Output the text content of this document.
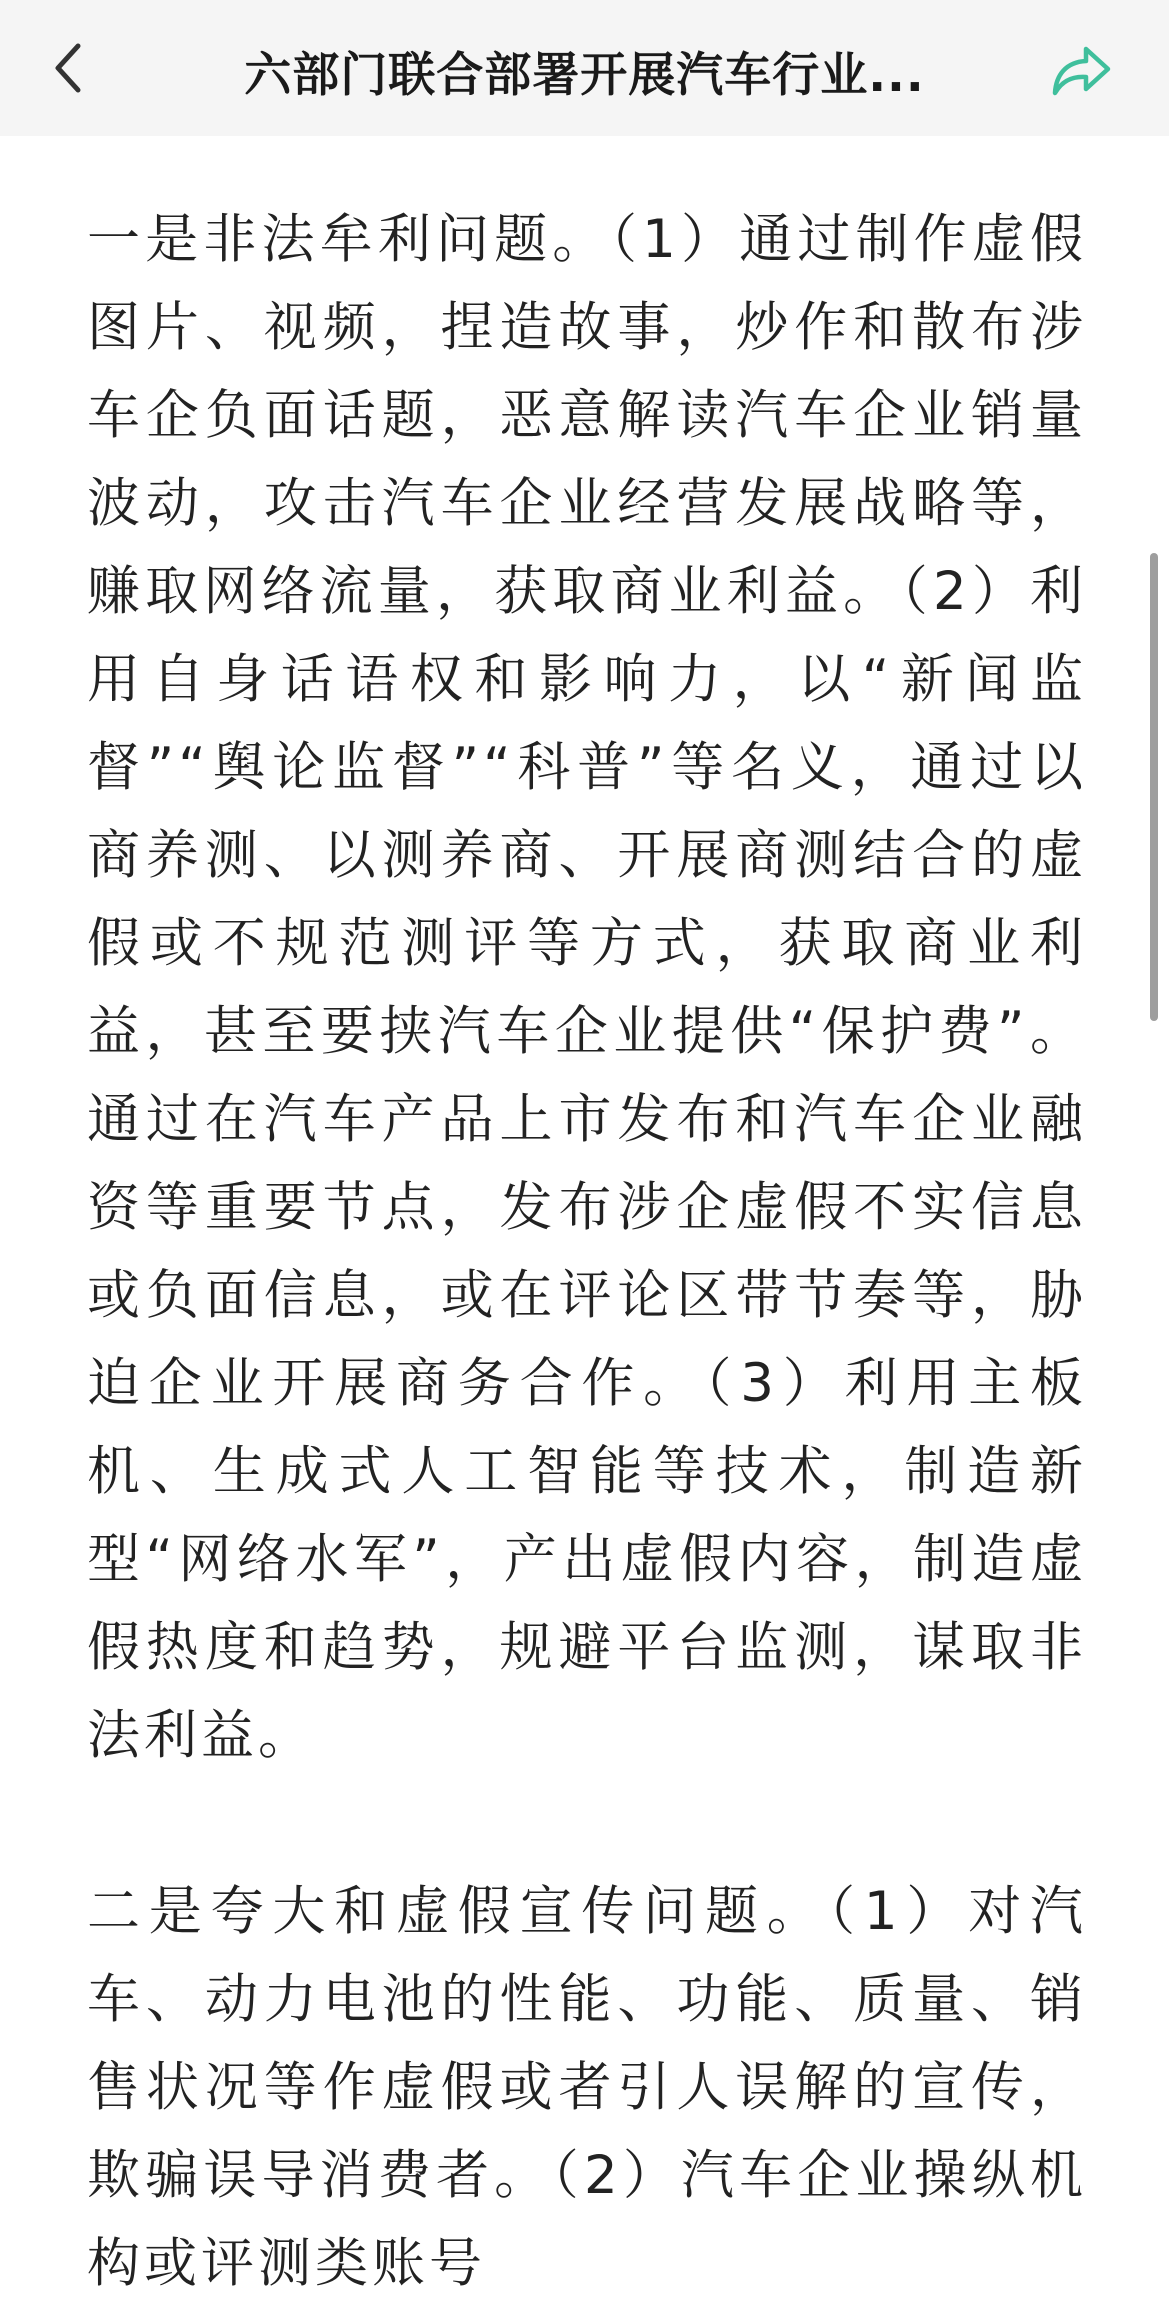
六部门联合部署开展汽车行业...

一是非法牟利问题。（1）通过制作虚假图片、视频，捏造故事，炒作和散布涉车企负面话题，恶意解读汽车企业销量波动，攻击汽车企业经营发展战略等，赚取网络流量，获取商业利益。（2）利用自身话语权和影响力，以“新闻监督”“舆论监督”“科普”等名义，通过以商养测、以测养商、开展商测结合的虚假或不规范测评等方式，获取商业利益，甚至要挟汽车企业提供“保护费”。通过在汽车产品上市发布和汽车企业融资等重要节点，发布涉企虚假不实信息或负面信息，或在评论区带节奏等，胁迫企业开展商务合作。（3）利用主板机、生成式人工智能等技术，制造新型“网络水军”，产出虚假内容，制造虚假热度和趋势，规避平台监测，谋取非法利益。

二是夸大和虚假宣传问题。（1）对汽车、动力电池的性能、功能、质量、销售状况等作虚假或者引人误解的宣传，欺骗误导消费者。（2）汽车企业操纵机构或评测类账号
